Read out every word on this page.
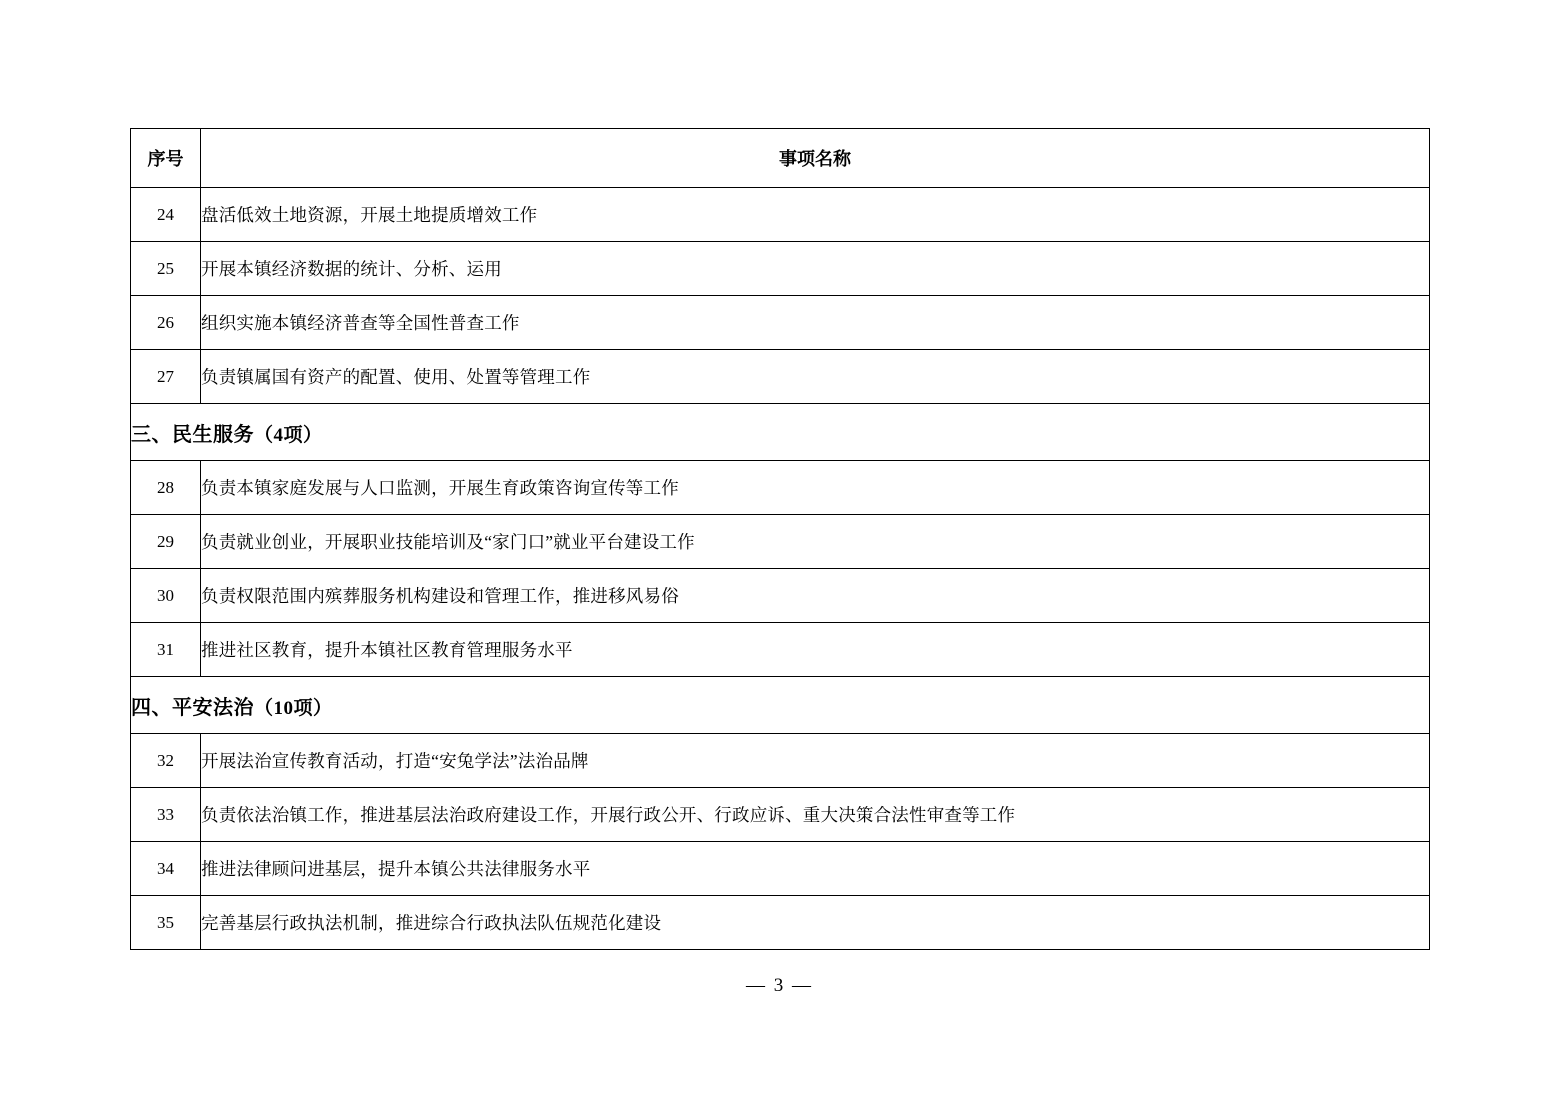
序号	事项名称
24	盘活低效土地资源，开展土地提质增效工作
25	开展本镇经济数据的统计、分析、运用
26	组织实施本镇经济普查等全国性普查工作
27	负责镇属国有资产的配置、使用、处置等管理工作
三、民生服务（4项）	
28	负责本镇家庭发展与人口监测，开展生育政策咨询宣传等工作
29	负责就业创业，开展职业技能培训及“家门口”就业平台建设工作
30	负责权限范围内殡葬服务机构建设和管理工作，推进移风易俗
31	推进社区教育，提升本镇社区教育管理服务水平
四、平安法治（10项）	
32	开展法治宣传教育活动，打造“安兔学法”法治品牌
33	负责依法治镇工作，推进基层法治政府建设工作，开展行政公开、行政应诉、重大决策合法性审查等工作
34	推进法律顾问进基层，提升本镇公共法律服务水平
35	完善基层行政执法机制，推进综合行政执法队伍规范化建设
— 3 —
